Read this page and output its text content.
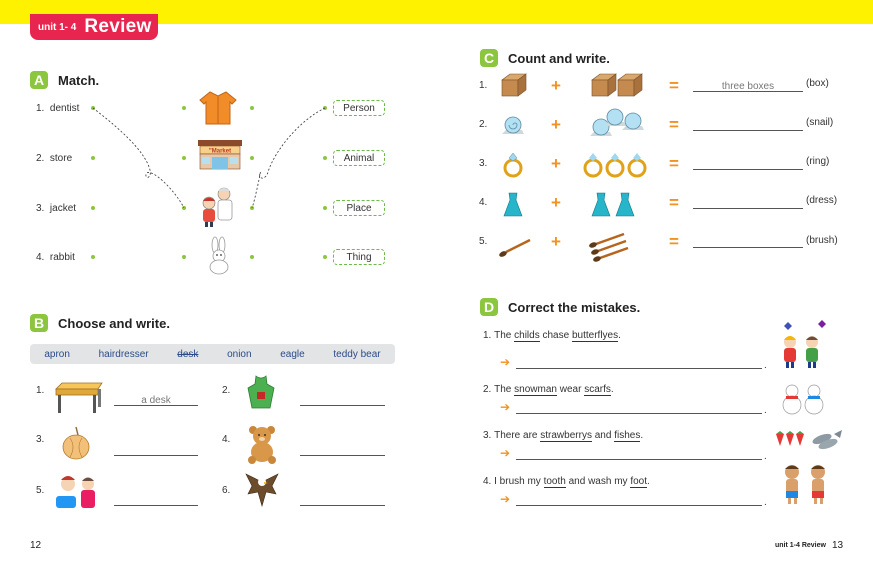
unit 1- 4 Review
A	Match.
1. dentist
2. store
3. jacket
4. rabbit
"Market
Person
Animal
Place
Thing
B	Choose and write.
apron	hairdresser	desk	onion	eagle	teddy bear
1.	2.
3.	4.
5.	6.
a desk
C	Count and write.
1.
2.
3.
4.
5.
+
+
+
+
+
=
=
=
=
=
three boxes	(box)
(snail)
(ring)
(dress)
(brush)
D	Correct the mistakes.
1. The childs chase butterflyes.
➔	.
2. The snowman wear scarfs.
➔	.
3. There are strawberrys and fishes.
➔	.
4. I brush my tooth and wash my foot.
➔	.
12	unit 1-4 Review 13
